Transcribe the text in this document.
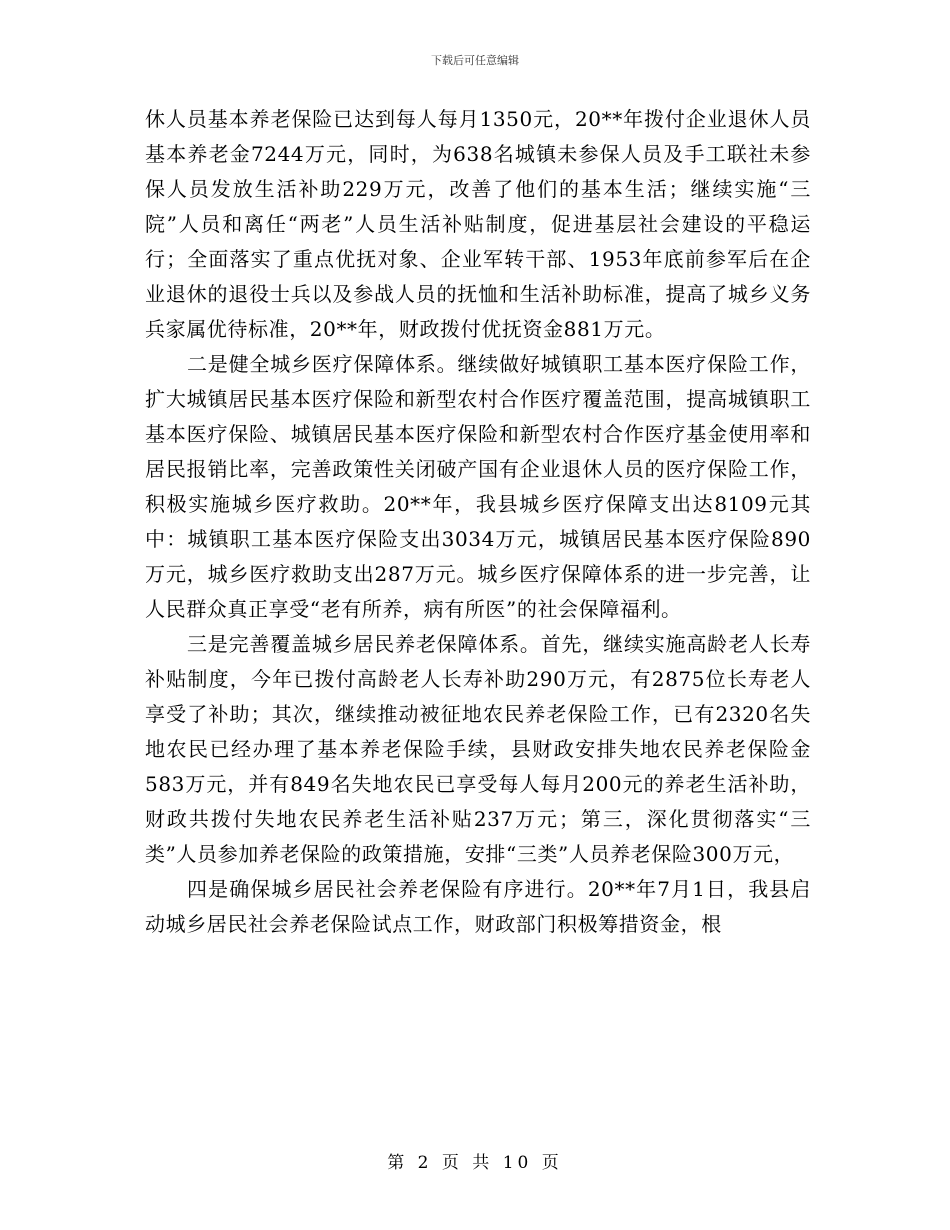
下载后可任意编辑

休人员基本养老保险已达到每人每月1350元，20**年拨付企业退休人员基本养老金7244万元，同时，为638名城镇未参保人员及手工联社未参保人员发放生活补助229万元，改善了他们的基本生活；继续实施“三院”人员和离任“两老”人员生活补贴制度，促进基层社会建设的平稳运行；全面落实了重点优抚对象、企业军转干部、1953年底前参军后在企业退休的退役士兵以及参战人员的抚恤和生活补助标准，提高了城乡义务兵家属优待标准，20**年，财政拨付优抚资金881万元。

二是健全城乡医疗保障体系。继续做好城镇职工基本医疗保险工作，扩大城镇居民基本医疗保险和新型农村合作医疗覆盖范围，提高城镇职工基本医疗保险、城镇居民基本医疗保险和新型农村合作医疗基金使用率和居民报销比率，完善政策性关闭破产国有企业退休人员的医疗保险工作，积极实施城乡医疗救助。20**年，我县城乡医疗保障支出达8109元其中：城镇职工基本医疗保险支出3034万元，城镇居民基本医疗保险890万元，城乡医疗救助支出287万元。城乡医疗保障体系的进一步完善，让人民群众真正享受“老有所养，病有所医”的社会保障福利。

三是完善覆盖城乡居民养老保障体系。首先，继续实施高龄老人长寿补贴制度，今年已拨付高龄老人长寿补助290万元，有2875位长寿老人享受了补助；其次，继续推动被征地农民养老保险工作，已有2320名失地农民已经办理了基本养老保险手续，县财政安排失地农民养老保险金583万元，并有849名失地农民已享受每人每月200元的养老生活补助，财政共拨付失地农民养老生活补贴237万元；第三，深化贯彻落实“三类”人员参加养老保险的政策措施，安排“三类”人员养老保险300万元，

四是确保城乡居民社会养老保险有序进行。20**年7月1日，我县启动城乡居民社会养老保险试点工作，财政部门积极筹措资金，根

第 2 页 共 10 页
